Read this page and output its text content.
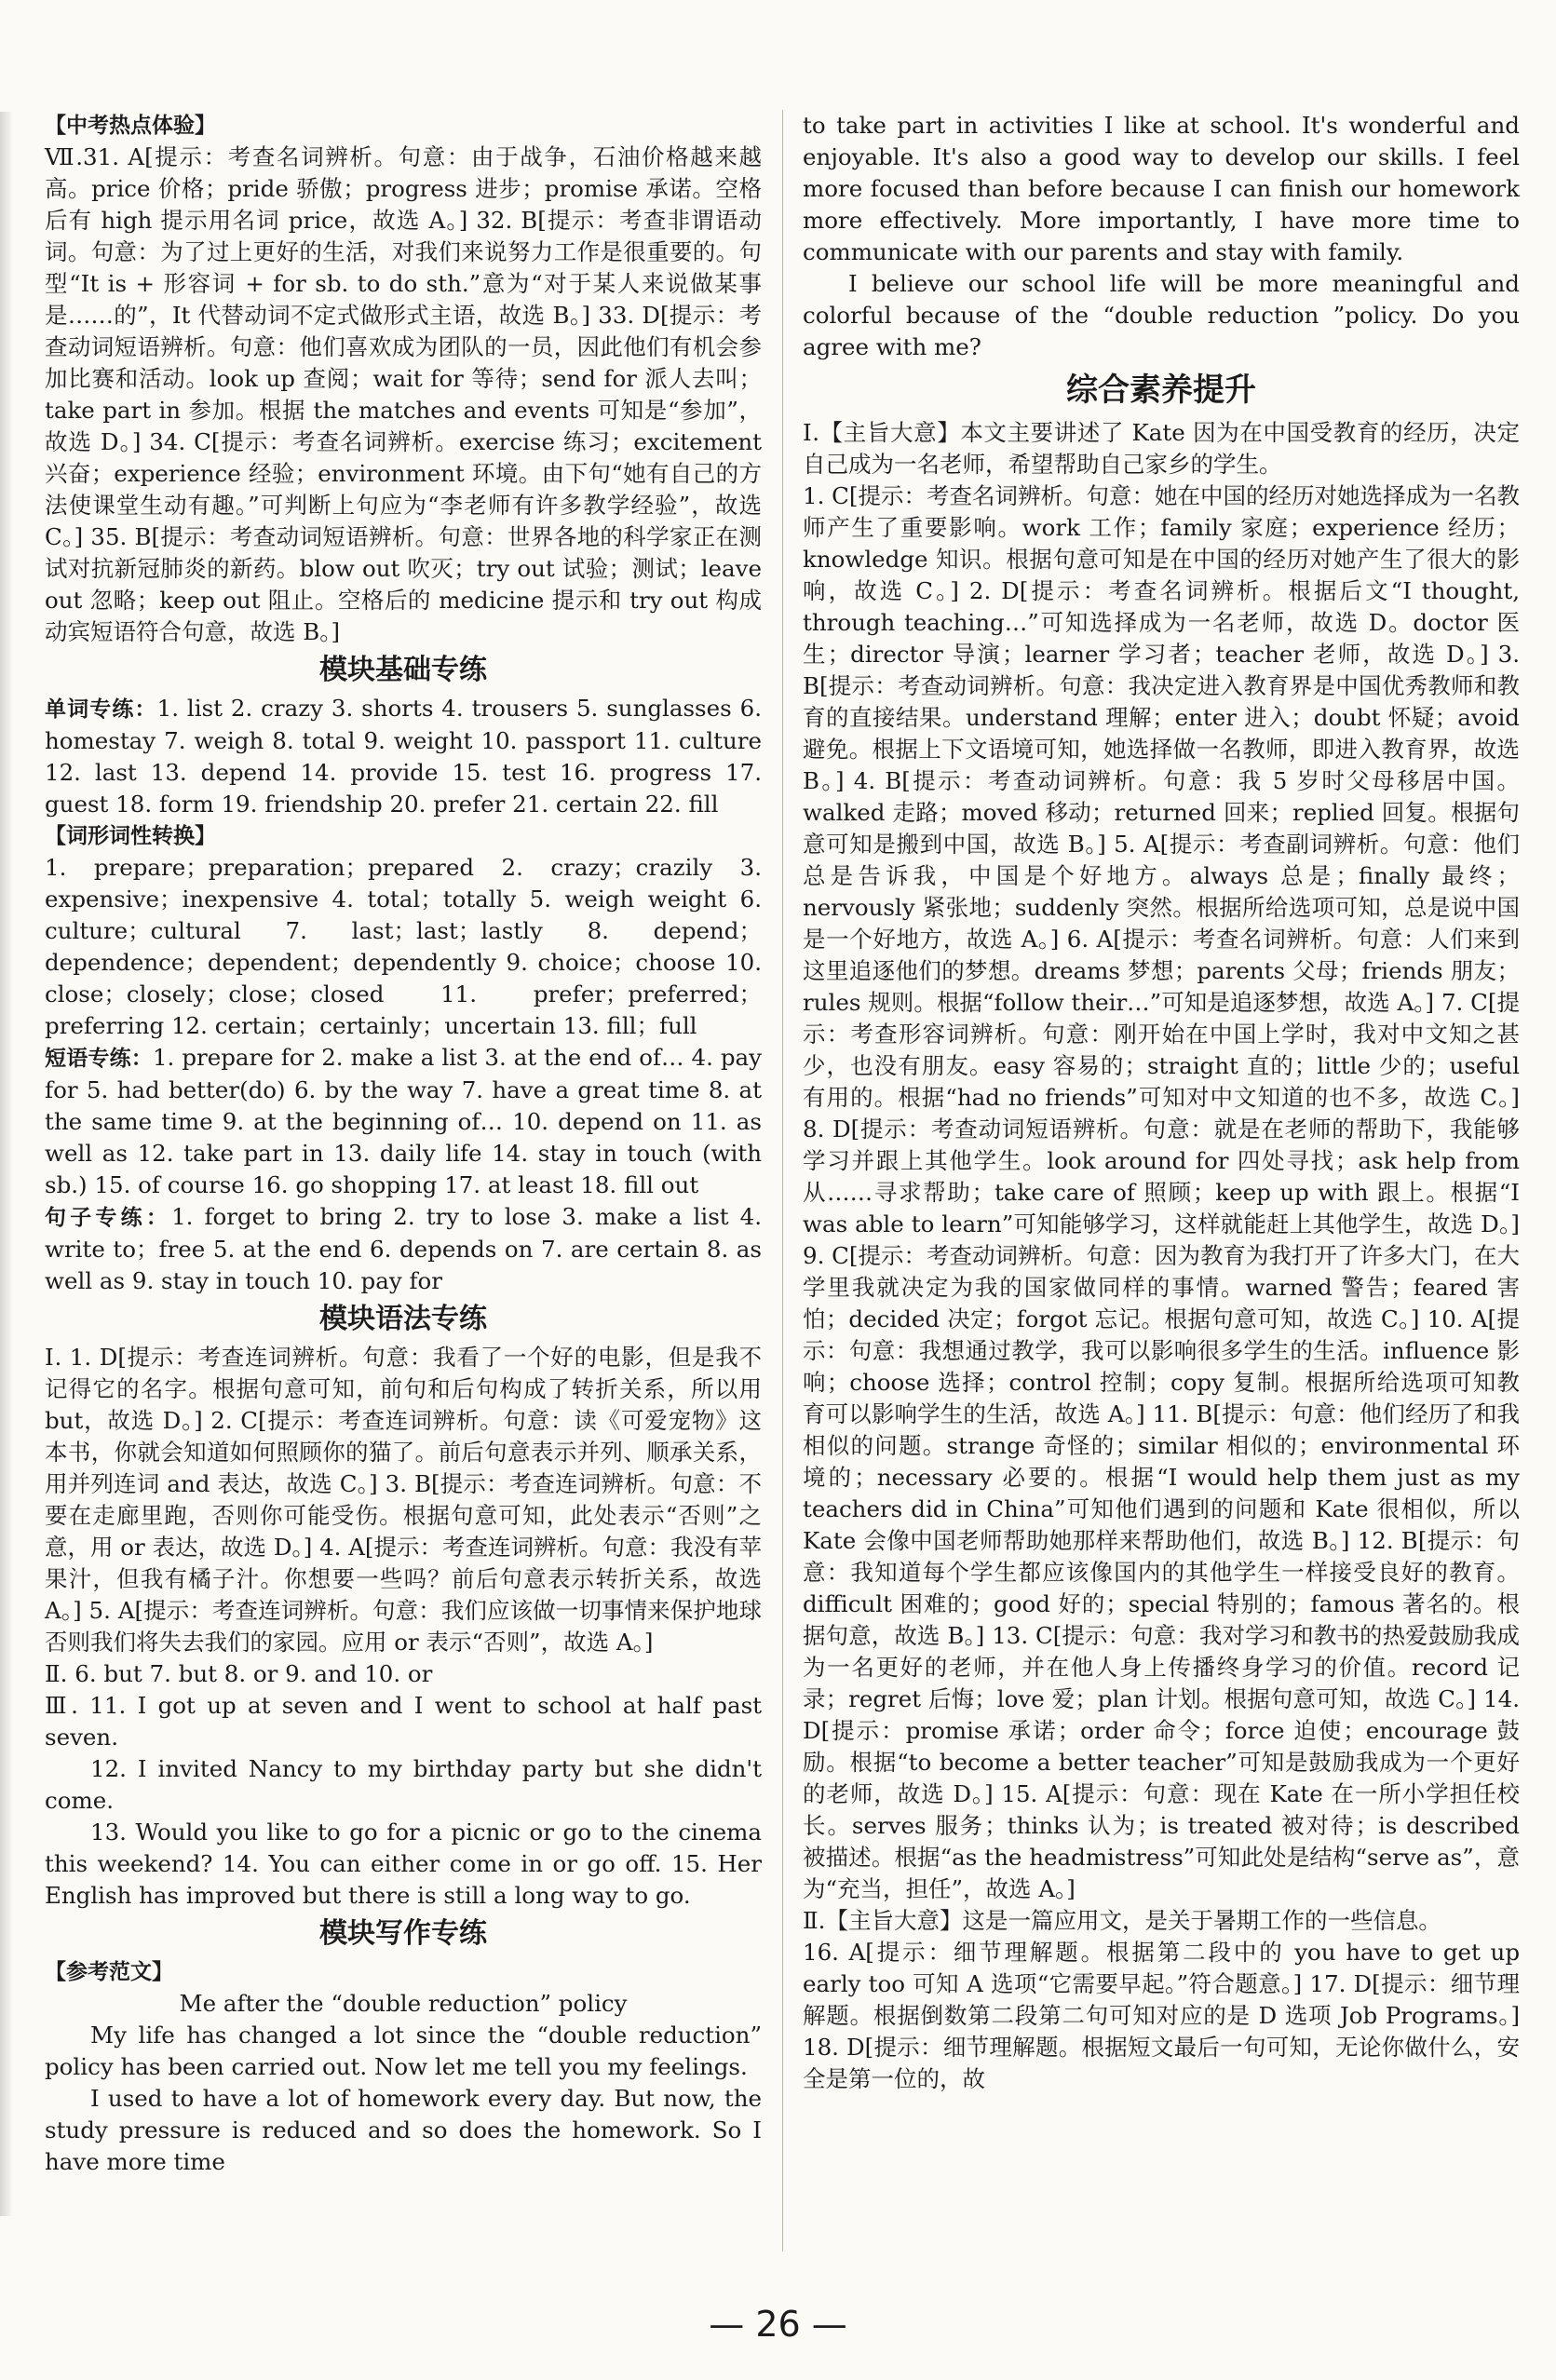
【中考热点体验】

Ⅶ.31. A[提示：考查名词辨析。句意：由于战争，石油价格越来越高。price 价格；pride 骄傲；progress 进步；promise 承诺。空格后有 high 提示用名词 price，故选 A。] 32. B[提示：考查非谓语动词。句意：为了过上更好的生活，对我们来说努力工作是很重要的。句型“It is + 形容词 + for sb. to do sth.”意为“对于某人来说做某事是……的”，It 代替动词不定式做形式主语，故选 B。] 33. D[提示：考查动词短语辨析。句意：他们喜欢成为团队的一员，因此他们有机会参加比赛和活动。look up 查阅；wait for 等待；send for 派人去叫；take part in 参加。根据 the matches and events 可知是“参加”，故选 D。] 34. C[提示：考查名词辨析。exercise 练习；excitement 兴奋；experience 经验；environment 环境。由下句“她有自己的方法使课堂生动有趣。”可判断上句应为“李老师有许多教学经验”，故选 C。] 35. B[提示：考查动词短语辨析。句意：世界各地的科学家正在测试对抗新冠肺炎的新药。blow out 吹灭；try out 试验；测试；leave out 忽略；keep out 阻止。空格后的 medicine 提示和 try out 构成动宾短语符合句意，故选 B。]

模块基础专练

单词专练：1. list 2. crazy 3. shorts 4. trousers 5. sunglasses 6. homestay 7. weigh 8. total 9. weight 10. passport 11. culture 12. last 13. depend 14. provide 15. test 16. progress 17. guest 18. form 19. friendship 20. prefer 21. certain 22. fill

【词形词性转换】

1. prepare；preparation；prepared 2. crazy；crazily 3. expensive；inexpensive 4. total；totally 5. weigh weight 6. culture；cultural 7. last；last；lastly 8. depend；dependence；dependent；dependently 9. choice；choose 10. close；closely；close；closed 11. prefer；preferred；preferring 12. certain；certainly；uncertain 13. fill；full

短语专练：1. prepare for 2. make a list 3. at the end of… 4. pay for 5. had better(do) 6. by the way 7. have a great time 8. at the same time 9. at the beginning of… 10. depend on 11. as well as 12. take part in 13. daily life 14. stay in touch (with sb.) 15. of course 16. go shopping 17. at least 18. fill out

句子专练：1. forget to bring 2. try to lose 3. make a list 4. write to；free 5. at the end 6. depends on 7. are certain 8. as well as 9. stay in touch 10. pay for

模块语法专练

Ⅰ. 1. D[提示：考查连词辨析。句意：我看了一个好的电影，但是我不记得它的名字。根据句意可知，前句和后句构成了转折关系，所以用 but，故选 D。] 2. C[提示：考查连词辨析。句意：读《可爱宠物》这本书，你就会知道如何照顾你的猫了。前后句意表示并列、顺承关系，用并列连词 and 表达，故选 C。] 3. B[提示：考查连词辨析。句意：不要在走廊里跑，否则你可能受伤。根据句意可知，此处表示“否则”之意，用 or 表达，故选 D。] 4. A[提示：考查连词辨析。句意：我没有苹果汁，但我有橘子汁。你想要一些吗？前后句意表示转折关系，故选 A。] 5. A[提示：考查连词辨析。句意：我们应该做一切事情来保护地球否则我们将失去我们的家园。应用 or 表示“否则”，故选 A。]

Ⅱ. 6. but 7. but 8. or 9. and 10. or

Ⅲ. 11. I got up at seven and I went to school at half past seven.

12. I invited Nancy to my birthday party but she didn't come.

13. Would you like to go for a picnic or go to the cinema this weekend? 14. You can either come in or go off. 15. Her English has improved but there is still a long way to go.

模块写作专练

【参考范文】

Me after the “double reduction” policy

My life has changed a lot since the “double reduction” policy has been carried out. Now let me tell you my feelings.

I used to have a lot of homework every day. But now, the study pressure is reduced and so does the homework. So I have more time

to take part in activities I like at school. It's wonderful and enjoyable. It's also a good way to develop our skills. I feel more focused than before because I can finish our homework more effectively. More importantly, I have more time to communicate with our parents and stay with family.

I believe our school life will be more meaningful and colorful because of the “double reduction ”policy. Do you agree with me?

综合素养提升

Ⅰ.【主旨大意】本文主要讲述了 Kate 因为在中国受教育的经历，决定自己成为一名老师，希望帮助自己家乡的学生。

1. C[提示：考查名词辨析。句意：她在中国的经历对她选择成为一名教师产生了重要影响。work 工作；family 家庭；experience 经历；knowledge 知识。根据句意可知是在中国的经历对她产生了很大的影响，故选 C。] 2. D[提示：考查名词辨析。根据后文“I thought, through teaching…”可知选择成为一名老师，故选 D。doctor 医生；director 导演；learner 学习者；teacher 老师，故选 D。] 3. B[提示：考查动词辨析。句意：我决定进入教育界是中国优秀教师和教育的直接结果。understand 理解；enter 进入；doubt 怀疑；avoid 避免。根据上下文语境可知，她选择做一名教师，即进入教育界，故选 B。] 4. B[提示：考查动词辨析。句意：我 5 岁时父母移居中国。walked 走路；moved 移动；returned 回来；replied 回复。根据句意可知是搬到中国，故选 B。] 5. A[提示：考查副词辨析。句意：他们总是告诉我，中国是个好地方。always 总是；finally 最终；nervously 紧张地；suddenly 突然。根据所给选项可知，总是说中国是一个好地方，故选 A。] 6. A[提示：考查名词辨析。句意：人们来到这里追逐他们的梦想。dreams 梦想；parents 父母；friends 朋友；rules 规则。根据“follow their…”可知是追逐梦想，故选 A。] 7. C[提示：考查形容词辨析。句意：刚开始在中国上学时，我对中文知之甚少，也没有朋友。easy 容易的；straight 直的；little 少的；useful 有用的。根据“had no friends”可知对中文知道的也不多，故选 C。] 8. D[提示：考查动词短语辨析。句意：就是在老师的帮助下，我能够学习并跟上其他学生。look around for 四处寻找；ask help from 从……寻求帮助；take care of 照顾；keep up with 跟上。根据“I was able to learn”可知能够学习，这样就能赶上其他学生，故选 D。] 9. C[提示：考查动词辨析。句意：因为教育为我打开了许多大门，在大学里我就决定为我的国家做同样的事情。warned 警告；feared 害怕；decided 决定；forgot 忘记。根据句意可知，故选 C。] 10. A[提示：句意：我想通过教学，我可以影响很多学生的生活。influence 影响；choose 选择；control 控制；copy 复制。根据所给选项可知教育可以影响学生的生活，故选 A。] 11. B[提示：句意：他们经历了和我相似的问题。strange 奇怪的；similar 相似的；environmental 环境的；necessary 必要的。根据“I would help them just as my teachers did in China”可知他们遇到的问题和 Kate 很相似，所以 Kate 会像中国老师帮助她那样来帮助他们，故选 B。] 12. B[提示：句意：我知道每个学生都应该像国内的其他学生一样接受良好的教育。difficult 困难的；good 好的；special 特别的；famous 著名的。根据句意，故选 B。] 13. C[提示：句意：我对学习和教书的热爱鼓励我成为一名更好的老师，并在他人身上传播终身学习的价值。record 记录；regret 后悔；love 爱；plan 计划。根据句意可知，故选 C。] 14. D[提示：promise 承诺；order 命令；force 迫使；encourage 鼓励。根据“to become a better teacher”可知是鼓励我成为一个更好的老师，故选 D。] 15. A[提示：句意：现在 Kate 在一所小学担任校长。serves 服务；thinks 认为；is treated 被对待；is described 被描述。根据“as the headmistress”可知此处是结构“serve as”，意为“充当，担任”，故选 A。]

Ⅱ.【主旨大意】这是一篇应用文，是关于暑期工作的一些信息。

16. A[提示：细节理解题。根据第二段中的 you have to get up early too 可知 A 选项“它需要早起。”符合题意。] 17. D[提示：细节理解题。根据倒数第二段第二句可知对应的是 D 选项 Job Programs。] 18. D[提示：细节理解题。根据短文最后一句可知，无论你做什么，安全是第一位的，故

— 26 —
